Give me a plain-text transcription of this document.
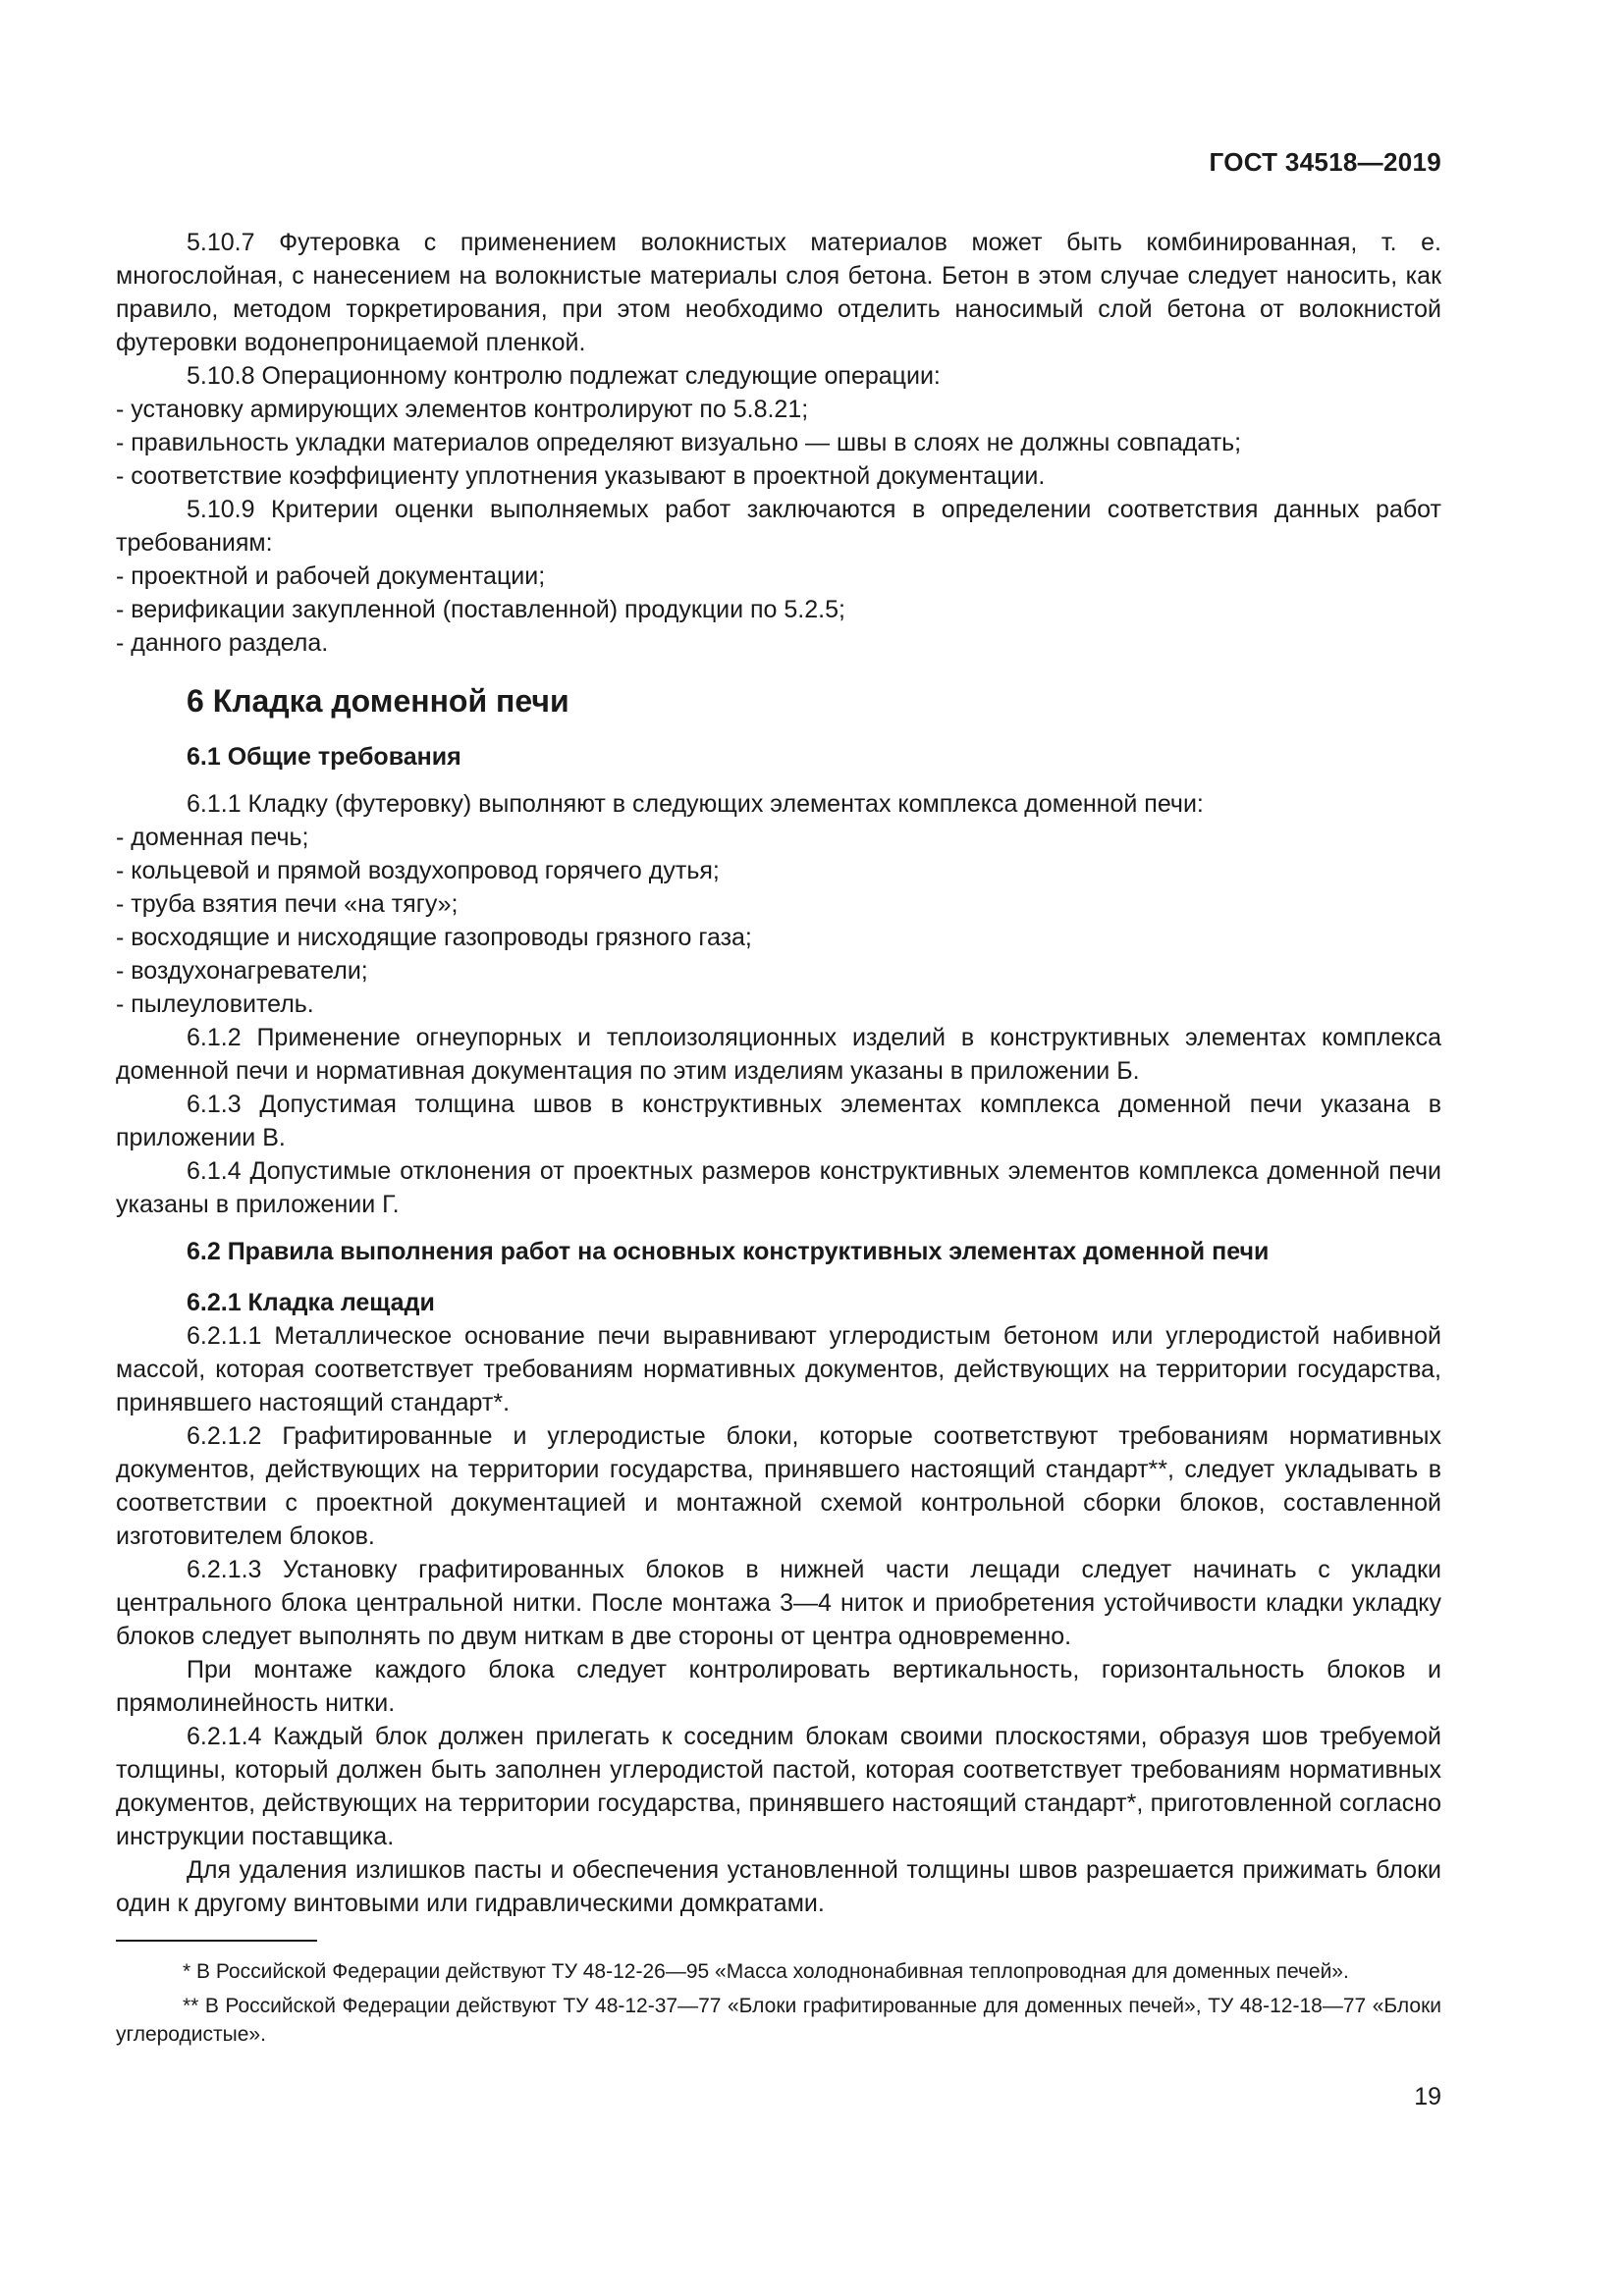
ГОСТ 34518—2019

5.10.7 Футеровка с применением волокнистых материалов может быть комбинированная, т. е. многослойная, с нанесением на волокнистые материалы слоя бетона. Бетон в этом случае следует наносить, как правило, методом торкретирования, при этом необходимо отделить наносимый слой бетона от волокнистой футеровки водонепроницаемой пленкой.

5.10.8 Операционному контролю подлежат следующие операции:

- установку армирующих элементов контролируют по 5.8.21;

- правильность укладки материалов определяют визуально — швы в слоях не должны совпадать;

- соответствие коэффициенту уплотнения указывают в проектной документации.

5.10.9 Критерии оценки выполняемых работ заключаются в определении соответствия данных работ требованиям:

- проектной и рабочей документации;

- верификации закупленной (поставленной) продукции по 5.2.5;

- данного раздела.

6 Кладка доменной печи
6.1 Общие требования

6.1.1 Кладку (футеровку) выполняют в следующих элементах комплекса доменной печи:

- доменная печь;

- кольцевой и прямой воздухопровод горячего дутья;

- труба взятия печи «на тягу»;

- восходящие и нисходящие газопроводы грязного газа;

- воздухонагреватели;

- пылеуловитель.

6.1.2 Применение огнеупорных и теплоизоляционных изделий в конструктивных элементах комплекса доменной печи и нормативная документация по этим изделиям указаны в приложении Б.

6.1.3 Допустимая толщина швов в конструктивных элементах комплекса доменной печи указана в приложении В.

6.1.4 Допустимые отклонения от проектных размеров конструктивных элементов комплекса доменной печи указаны в приложении Г.

6.2 Правила выполнения работ на основных конструктивных элементах доменной печи
6.2.1 Кладка лещади

6.2.1.1 Металлическое основание печи выравнивают углеродистым бетоном или углеродистой набивной массой, которая соответствует требованиям нормативных документов, действующих на территории государства, принявшего настоящий стандарт*.

6.2.1.2 Графитированные и углеродистые блоки, которые соответствуют требованиям нормативных документов, действующих на территории государства, принявшего настоящий стандарт**, следует укладывать в соответствии с проектной документацией и монтажной схемой контрольной сборки блоков, составленной изготовителем блоков.

6.2.1.3 Установку графитированных блоков в нижней части лещади следует начинать с укладки центрального блока центральной нитки. После монтажа 3—4 ниток и приобретения устойчивости кладки укладку блоков следует выполнять по двум ниткам в две стороны от центра одновременно.

При монтаже каждого блока следует контролировать вертикальность, горизонтальность блоков и прямолинейность нитки.

6.2.1.4 Каждый блок должен прилегать к соседним блокам своими плоскостями, образуя шов требуемой толщины, который должен быть заполнен углеродистой пастой, которая соответствует требованиям нормативных документов, действующих на территории государства, принявшего настоящий стандарт*, приготовленной согласно инструкции поставщика.

Для удаления излишков пасты и обеспечения установленной толщины швов разрешается прижимать блоки один к другому винтовыми или гидравлическими домкратами.

* В Российской Федерации действуют ТУ 48-12-26—95 «Масса холоднонабивная теплопроводная для доменных печей».

** В Российской Федерации действуют ТУ 48-12-37—77 «Блоки графитированные для доменных печей», ТУ 48-12-18—77 «Блоки углеродистые».

19
